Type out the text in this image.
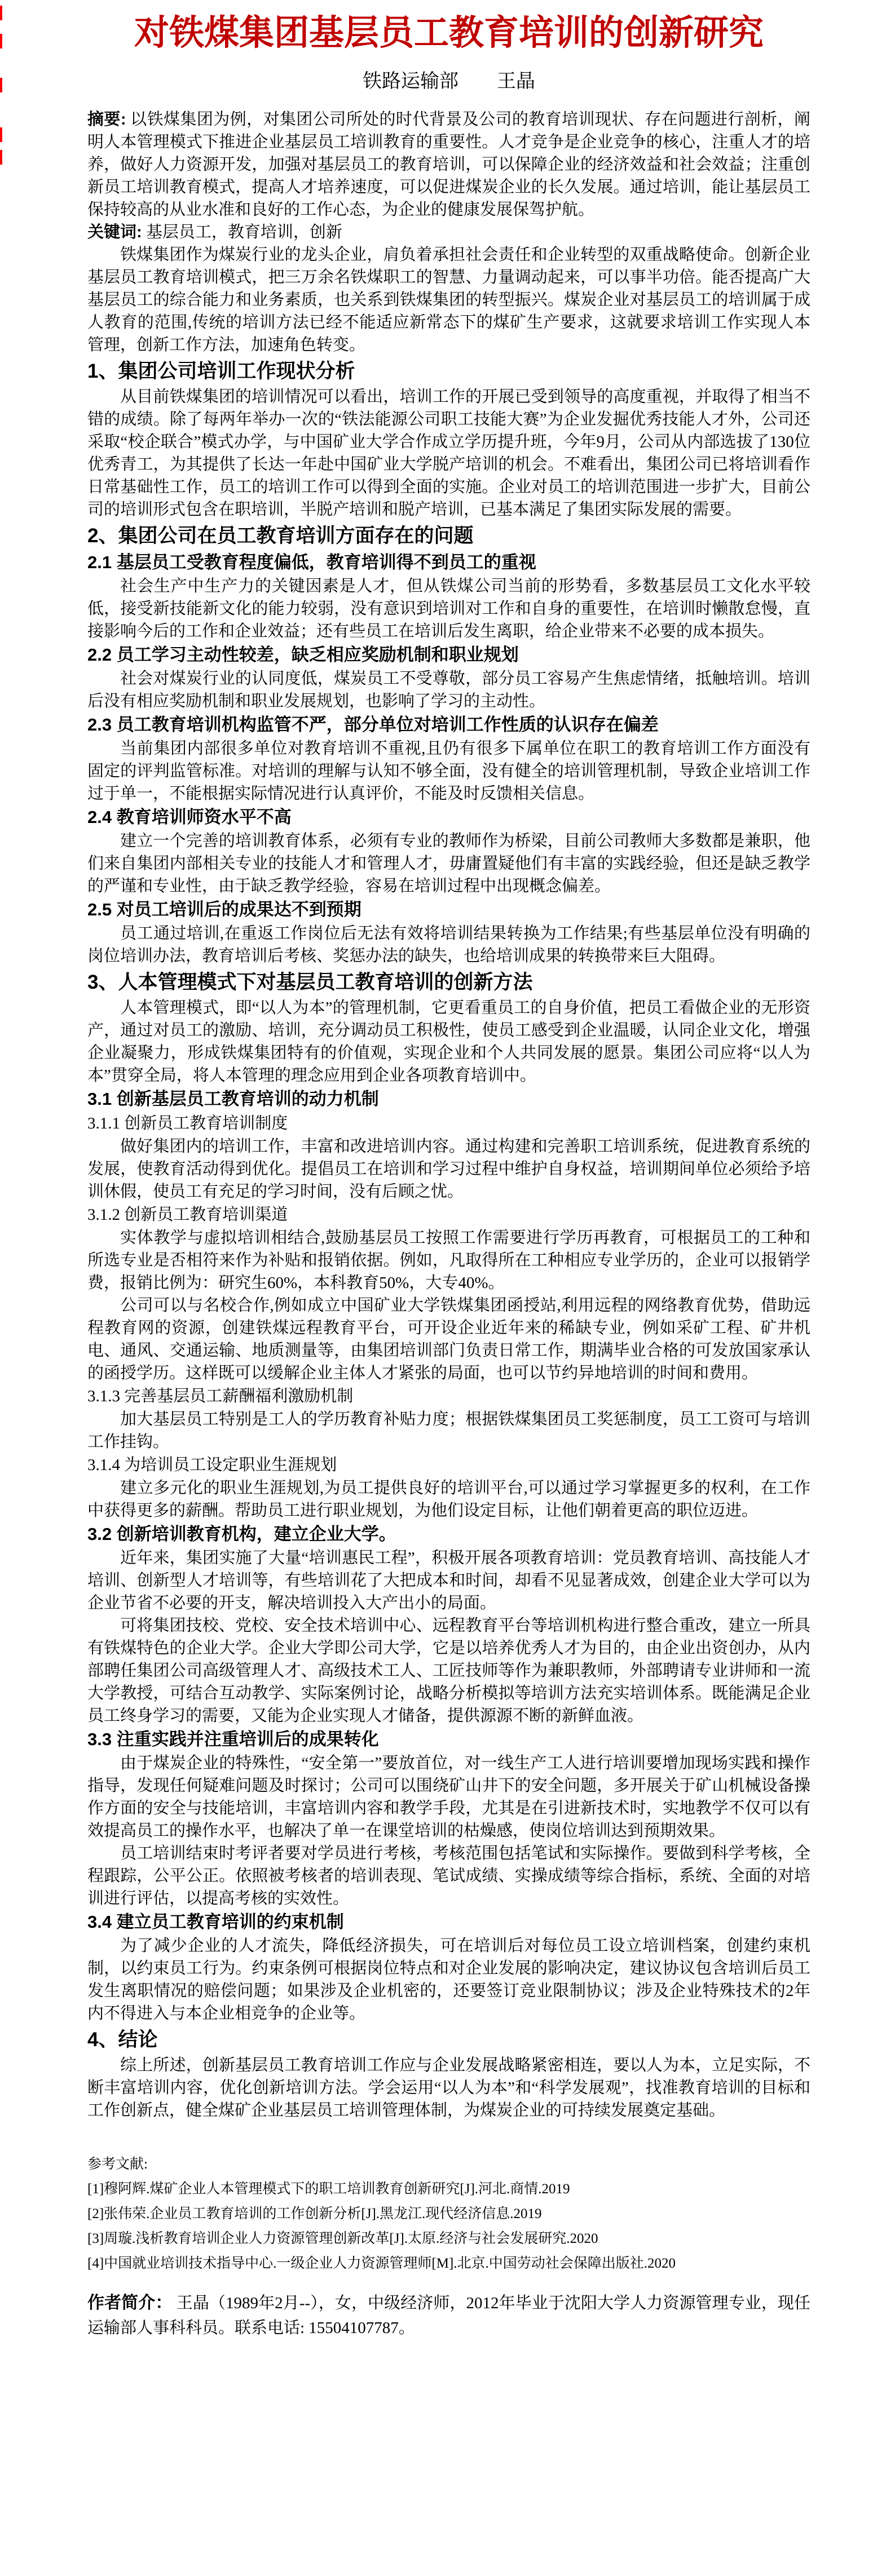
对铁煤集团基层员工教育培训的创新研究
铁路运输部　　王晶

摘要: 以铁煤集团为例，对集团公司所处的时代背景及公司的教育培训现状、存在问题进行剖析，阐明人本管理模式下推进企业基层员工培训教育的重要性。人才竞争是企业竞争的核心，注重人才的培养，做好人力资源开发，加强对基层员工的教育培训，可以保障企业的经济效益和社会效益；注重创新员工培训教育模式，提高人才培养速度，可以促进煤炭企业的长久发展。通过培训，能让基层员工保持较高的从业水准和良好的工作心态，为企业的健康发展保驾护航。

关键词: 基层员工，教育培训，创新

铁煤集团作为煤炭行业的龙头企业，肩负着承担社会责任和企业转型的双重战略使命。创新企业基层员工教育培训模式，把三万余名铁煤职工的智慧、力量调动起来，可以事半功倍。能否提高广大基层员工的综合能力和业务素质，也关系到铁煤集团的转型振兴。煤炭企业对基层员工的培训属于成人教育的范围,传统的培训方法已经不能适应新常态下的煤矿生产要求，这就要求培训工作实现人本管理，创新工作方法，加速角色转变。

1、集团公司培训工作现状分析

从目前铁煤集团的培训情况可以看出，培训工作的开展已受到领导的高度重视，并取得了相当不错的成绩。除了每两年举办一次的“铁法能源公司职工技能大赛”为企业发掘优秀技能人才外，公司还采取“校企联合”模式办学，与中国矿业大学合作成立学历提升班，今年9月，公司从内部选拔了130位优秀青工，为其提供了长达一年赴中国矿业大学脱产培训的机会。不难看出，集团公司已将培训看作日常基础性工作，员工的培训工作可以得到全面的实施。企业对员工的培训范围进一步扩大，目前公司的培训形式包含在职培训，半脱产培训和脱产培训，已基本满足了集团实际发展的需要。

2、集团公司在员工教育培训方面存在的问题
2.1 基层员工受教育程度偏低，教育培训得不到员工的重视

社会生产中生产力的关键因素是人才，但从铁煤公司当前的形势看，多数基层员工文化水平较低，接受新技能新文化的能力较弱，没有意识到培训对工作和自身的重要性，在培训时懒散怠慢，直接影响今后的工作和企业效益；还有些员工在培训后发生离职，给企业带来不必要的成本损失。

2.2 员工学习主动性较差，缺乏相应奖励机制和职业规划

社会对煤炭行业的认同度低，煤炭员工不受尊敬，部分员工容易产生焦虑情绪，抵触培训。培训后没有相应奖励机制和职业发展规划，也影响了学习的主动性。

2.3 员工教育培训机构监管不严，部分单位对培训工作性质的认识存在偏差

当前集团内部很多单位对教育培训不重视,且仍有很多下属单位在职工的教育培训工作方面没有固定的评判监管标准。对培训的理解与认知不够全面，没有健全的培训管理机制，导致企业培训工作过于单一，不能根据实际情况进行认真评价，不能及时反馈相关信息。

2.4 教育培训师资水平不高

建立一个完善的培训教育体系，必须有专业的教师作为桥梁，目前公司教师大多数都是兼职，他们来自集团内部相关专业的技能人才和管理人才，毋庸置疑他们有丰富的实践经验，但还是缺乏教学的严谨和专业性，由于缺乏教学经验，容易在培训过程中出现概念偏差。

2.5 对员工培训后的成果达不到预期

员工通过培训,在重返工作岗位后无法有效将培训结果转换为工作结果;有些基层单位没有明确的岗位培训办法，教育培训后考核、奖惩办法的缺失，也给培训成果的转换带来巨大阻碍。

3、人本管理模式下对基层员工教育培训的创新方法

人本管理模式，即“以人为本”的管理机制，它更看重员工的自身价值，把员工看做企业的无形资产，通过对员工的激励、培训，充分调动员工积极性，使员工感受到企业温暖，认同企业文化，增强企业凝聚力，形成铁煤集团特有的价值观，实现企业和个人共同发展的愿景。集团公司应将“以人为本”贯穿全局，将人本管理的理念应用到企业各项教育培训中。

3.1 创新基层员工教育培训的动力机制
3.1.1 创新员工教育培训制度

做好集团内的培训工作，丰富和改进培训内容。通过构建和完善职工培训系统，促进教育系统的发展，使教育活动得到优化。提倡员工在培训和学习过程中维护自身权益，培训期间单位必须给予培训休假，使员工有充足的学习时间，没有后顾之忧。

3.1.2 创新员工教育培训渠道

实体教学与虚拟培训相结合,鼓励基层员工按照工作需要进行学历再教育，可根据员工的工种和所选专业是否相符来作为补贴和报销依据。例如，凡取得所在工种相应专业学历的，企业可以报销学费，报销比例为：研究生60%，本科教育50%，大专40%。

公司可以与名校合作,例如成立中国矿业大学铁煤集团函授站,利用远程的网络教育优势，借助远程教育网的资源，创建铁煤远程教育平台，可开设企业近年来的稀缺专业，例如采矿工程、矿井机电、通风、交通运输、地质测量等，由集团培训部门负责日常工作，期满毕业合格的可发放国家承认的函授学历。这样既可以缓解企业主体人才紧张的局面，也可以节约异地培训的时间和费用。

3.1.3 完善基层员工薪酬福利激励机制

加大基层员工特别是工人的学历教育补贴力度；根据铁煤集团员工奖惩制度，员工工资可与培训工作挂钩。

3.1.4 为培训员工设定职业生涯规划

建立多元化的职业生涯规划,为员工提供良好的培训平台,可以通过学习掌握更多的权利，在工作中获得更多的薪酬。帮助员工进行职业规划，为他们设定目标，让他们朝着更高的职位迈进。

3.2 创新培训教育机构，建立企业大学。

近年来，集团实施了大量“培训惠民工程”，积极开展各项教育培训：党员教育培训、高技能人才培训、创新型人才培训等，有些培训花了大把成本和时间，却看不见显著成效，创建企业大学可以为企业节省不必要的开支，解决培训投入大产出小的局面。

可将集团技校、党校、安全技术培训中心、远程教育平台等培训机构进行整合重改，建立一所具有铁煤特色的企业大学。企业大学即公司大学，它是以培养优秀人才为目的，由企业出资创办，从内部聘任集团公司高级管理人才、高级技术工人、工匠技师等作为兼职教师，外部聘请专业讲师和一流大学教授，可结合互动教学、实际案例讨论，战略分析模拟等培训方法充实培训体系。既能满足企业员工终身学习的需要，又能为企业实现人才储备，提供源源不断的新鲜血液。

3.3 注重实践并注重培训后的成果转化

由于煤炭企业的特殊性，“安全第一”要放首位，对一线生产工人进行培训要增加现场实践和操作指导，发现任何疑难问题及时探讨；公司可以围绕矿山井下的安全问题，多开展关于矿山机械设备操作方面的安全与技能培训，丰富培训内容和教学手段，尤其是在引进新技术时，实地教学不仅可以有效提高员工的操作水平，也解决了单一在课堂培训的枯燥感，使岗位培训达到预期效果。

员工培训结束时考评者要对学员进行考核，考核范围包括笔试和实际操作。要做到科学考核，全程跟踪，公平公正。依照被考核者的培训表现、笔试成绩、实操成绩等综合指标，系统、全面的对培训进行评估，以提高考核的实效性。

3.4 建立员工教育培训的约束机制

为了减少企业的人才流失，降低经济损失，可在培训后对每位员工设立培训档案，创建约束机制，以约束员工行为。约束条例可根据岗位特点和对企业发展的影响决定，建议协议包含培训后员工发生离职情况的赔偿问题；如果涉及企业机密的，还要签订竞业限制协议；涉及企业特殊技术的2年内不得进入与本企业相竞争的企业等。

4、结论

综上所述，创新基层员工教育培训工作应与企业发展战略紧密相连，要以人为本，立足实际，不断丰富培训内容，优化创新培训方法。学会运用“以人为本”和“科学发展观”，找准教育培训的目标和工作创新点，健全煤矿企业基层员工培训管理体制，为煤炭企业的可持续发展奠定基础。

参考文献:

[1]穆阿辉.煤矿企业人本管理模式下的职工培训教育创新研究[J].河北.商情.2019

[2]张伟荣.企业员工教育培训的工作创新分析[J].黑龙江.现代经济信息.2019

[3]周璇.浅析教育培训企业人力资源管理创新改革[J].太原.经济与社会发展研究.2020

[4]中国就业培训技术指导中心.一级企业人力资源管理师[M].北京.中国劳动社会保障出版社.2020

作者简介： 王晶（1989年2月--），女，中级经济师，2012年毕业于沈阳大学人力资源管理专业，现任运输部人事科科员。联系电话: 15504107787。
